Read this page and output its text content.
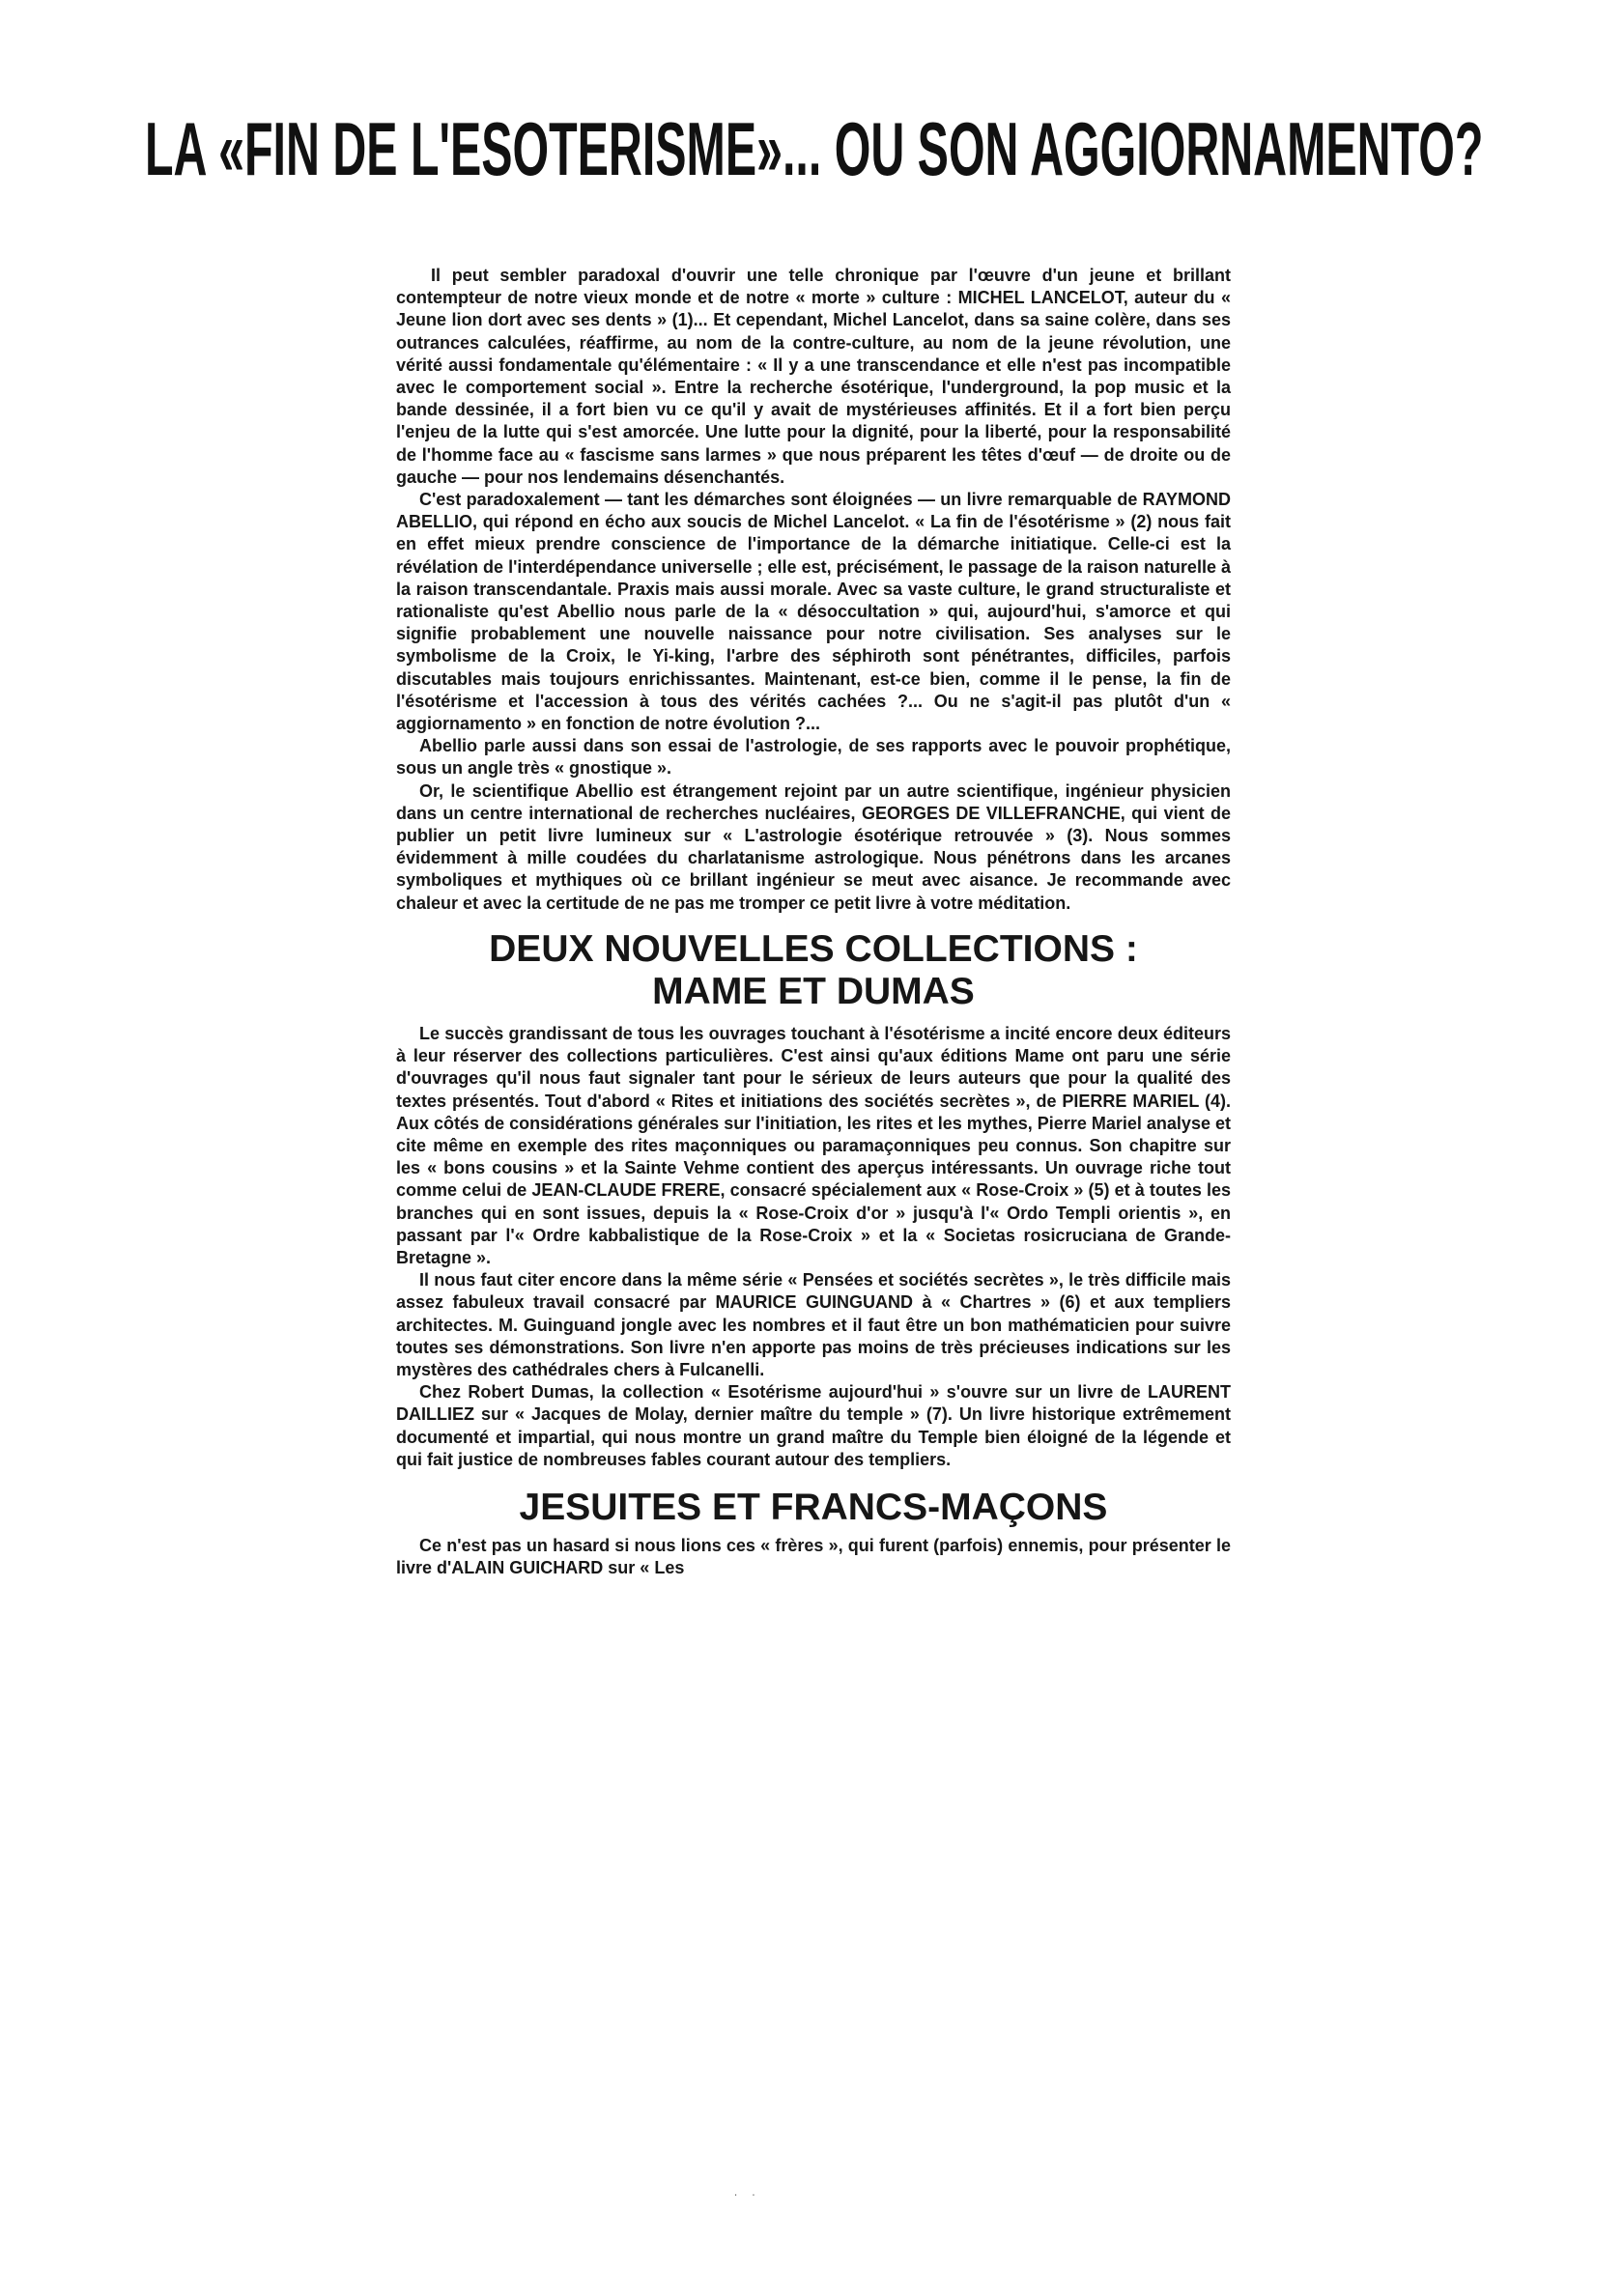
LA «FIN DE L'ESOTERISME»... OU SON AGGIORNAMENTO?

Il peut sembler paradoxal d'ouvrir une telle chronique par l'œuvre d'un jeune et brillant contempteur de notre vieux monde et de notre « morte » culture : MICHEL LANCELOT, auteur du « Jeune lion dort avec ses dents » (1)... Et cependant, Michel Lancelot, dans sa saine colère, dans ses outrances calculées, réaffirme, au nom de la contre-culture, au nom de la jeune révolution, une vérité aussi fondamentale qu'élémentaire : « Il y a une transcendance et elle n'est pas incompatible avec le comportement social ». Entre la recherche ésotérique, l'underground, la pop music et la bande dessinée, il a fort bien vu ce qu'il y avait de mystérieuses affinités. Et il a fort bien perçu l'enjeu de la lutte qui s'est amorcée. Une lutte pour la dignité, pour la liberté, pour la responsabilité de l'homme face au « fascisme sans larmes » que nous préparent les têtes d'œuf — de droite ou de gauche — pour nos lendemains désenchantés.

C'est paradoxalement — tant les démarches sont éloignées — un livre remarquable de RAYMOND ABELLIO, qui répond en écho aux soucis de Michel Lancelot. « La fin de l'ésotérisme » (2) nous fait en effet mieux prendre conscience de l'importance de la démarche initiatique. Celle-ci est la révélation de l'interdépendance universelle ; elle est, précisément, le passage de la raison naturelle à la raison transcendantale. Praxis mais aussi morale. Avec sa vaste culture, le grand structuraliste et rationaliste qu'est Abellio nous parle de la « désoccultation » qui, aujourd'hui, s'amorce et qui signifie probablement une nouvelle naissance pour notre civilisation. Ses analyses sur le symbolisme de la Croix, le Yi-king, l'arbre des séphiroth sont pénétrantes, difficiles, parfois discutables mais toujours enrichissantes. Maintenant, est-ce bien, comme il le pense, la fin de l'ésotérisme et l'accession à tous des vérités cachées ?... Ou ne s'agit-il pas plutôt d'un « aggiornamento » en fonction de notre évolution ?...

Abellio parle aussi dans son essai de l'astrologie, de ses rapports avec le pouvoir prophétique, sous un angle très « gnostique ».

Or, le scientifique Abellio est étrangement rejoint par un autre scientifique, ingénieur physicien dans un centre international de recherches nucléaires, GEORGES DE VILLEFRANCHE, qui vient de publier un petit livre lumineux sur « L'astrologie ésotérique retrouvée » (3). Nous sommes évidemment à mille coudées du charlatanisme astrologique. Nous pénétrons dans les arcanes symboliques et mythiques où ce brillant ingénieur se meut avec aisance. Je recommande avec chaleur et avec la certitude de ne pas me tromper ce petit livre à votre méditation.

DEUX NOUVELLES COLLECTIONS :
MAME ET DUMAS

Le succès grandissant de tous les ouvrages touchant à l'ésotérisme a incité encore deux éditeurs à leur réserver des collections particulières. C'est ainsi qu'aux éditions Mame ont paru une série d'ouvrages qu'il nous faut signaler tant pour le sérieux de leurs auteurs que pour la qualité des textes présentés. Tout d'abord « Rites et initiations des sociétés secrètes », de PIERRE MARIEL (4). Aux côtés de considérations générales sur l'initiation, les rites et les mythes, Pierre Mariel analyse et cite même en exemple des rites maçonniques ou paramaçonniques peu connus. Son chapitre sur les « bons cousins » et la Sainte Vehme contient des aperçus intéressants. Un ouvrage riche tout comme celui de JEAN-CLAUDE FRERE, consacré spécialement aux « Rose-Croix » (5) et à toutes les branches qui en sont issues, depuis la « Rose-Croix d'or » jusqu'à l'« Ordo Templi orientis », en passant par l'« Ordre kabbalistique de la Rose-Croix » et la « Societas rosicruciana de Grande-Bretagne ».

Il nous faut citer encore dans la même série « Pensées et sociétés secrètes », le très difficile mais assez fabuleux travail consacré par MAURICE GUINGUAND à « Chartres » (6) et aux templiers architectes. M. Guinguand jongle avec les nombres et il faut être un bon mathématicien pour suivre toutes ses démonstrations. Son livre n'en apporte pas moins de très précieuses indications sur les mystères des cathédrales chers à Fulcanelli.

Chez Robert Dumas, la collection « Esotérisme aujourd'hui » s'ouvre sur un livre de LAURENT DAILLIEZ sur « Jacques de Molay, dernier maître du temple » (7). Un livre historique extrêmement documenté et impartial, qui nous montre un grand maître du Temple bien éloigné de la légende et qui fait justice de nombreuses fables courant autour des templiers.

JESUITES ET FRANCS-MAÇONS

Ce n'est pas un hasard si nous lions ces « frères », qui furent (parfois) ennemis, pour présenter le livre d'ALAIN GUICHARD sur « Les

· ·
